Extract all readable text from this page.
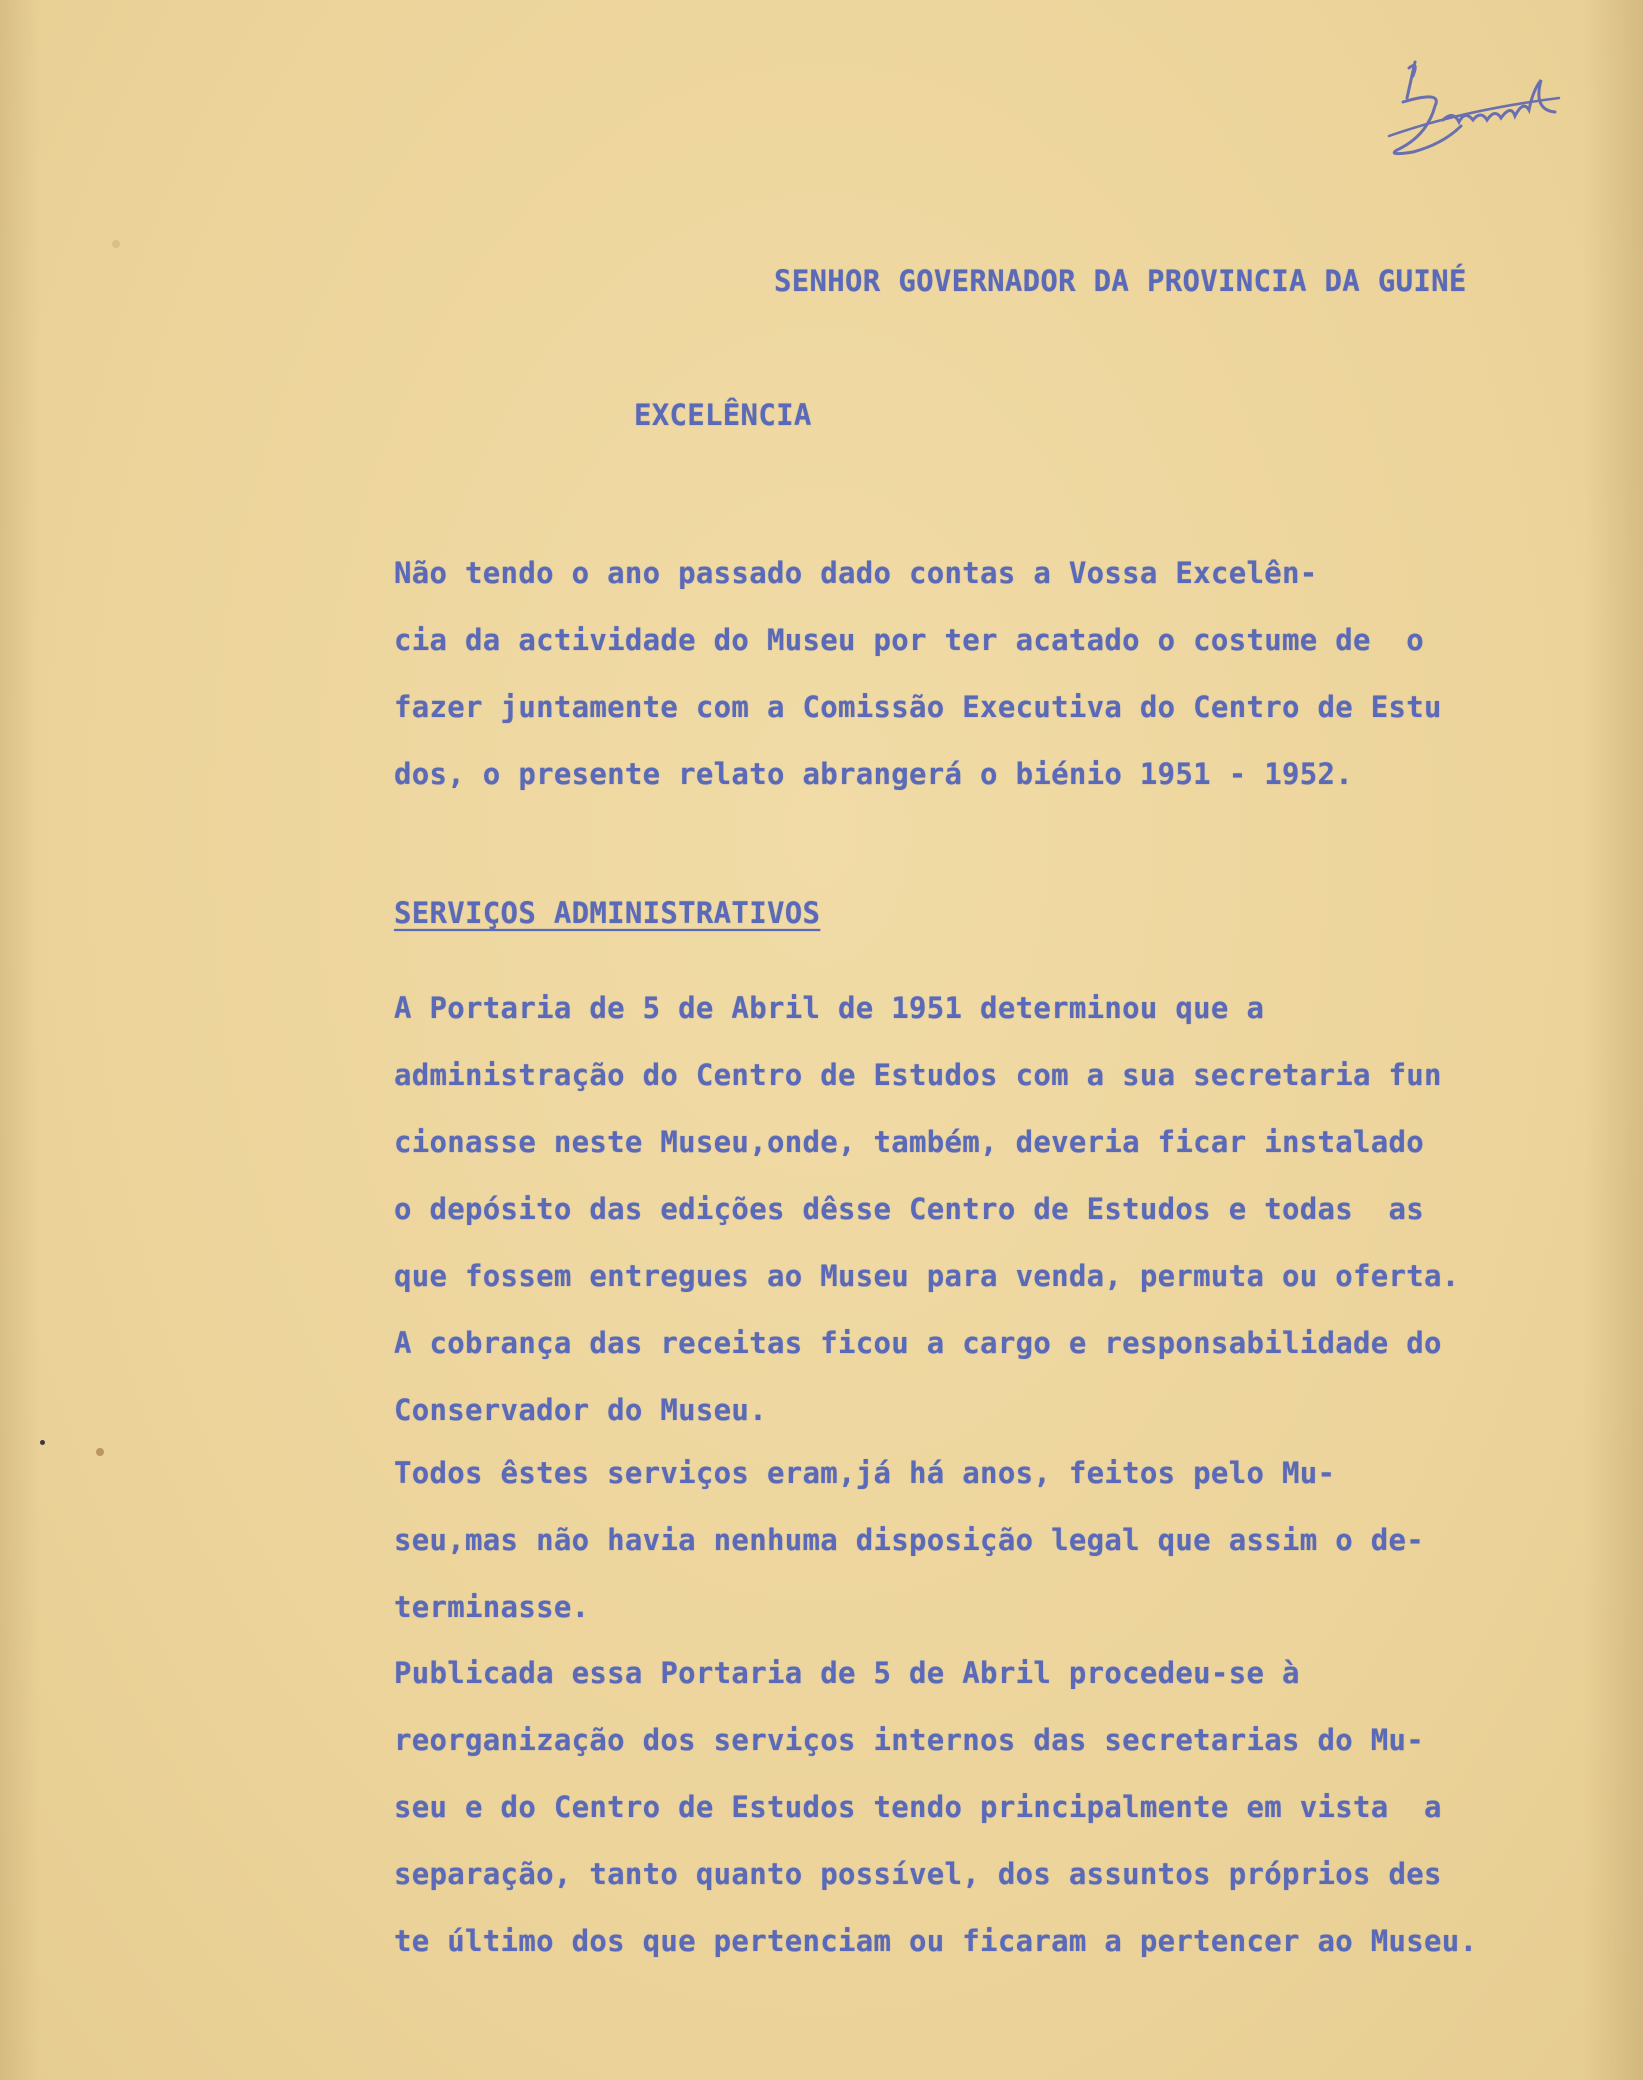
SENHOR GOVERNADOR DA PROVINCIA DA GUINÉ

EXCELÊNCIA

Não tendo o ano passado dado contas a Vossa Excelên-
cia da actividade do Museu por ter acatado o costume de  o
fazer juntamente com a Comissão Executiva do Centro de Estu
dos, o presente relato abrangerá o biénio 1951 - 1952.

SERVIÇOS ADMINISTRATIVOS

A Portaria de 5 de Abril de 1951 determinou que a
administração do Centro de Estudos com a sua secretaria fun
cionasse neste Museu,onde, também, deveria ficar instalado
o depósito das edições dêsse Centro de Estudos e todas  as
que fossem entregues ao Museu para venda, permuta ou oferta.
A cobrança das receitas ficou a cargo e responsabilidade do
Conservador do Museu.

Todos êstes serviços eram,já há anos, feitos pelo Mu-
seu,mas não havia nenhuma disposição legal que assim o de-
terminasse.

Publicada essa Portaria de 5 de Abril procedeu-se à
reorganização dos serviços internos das secretarias do Mu-
seu e do Centro de Estudos tendo principalmente em vista  a
separação, tanto quanto possível, dos assuntos próprios des
te último dos que pertenciam ou ficaram a pertencer ao Museu.
